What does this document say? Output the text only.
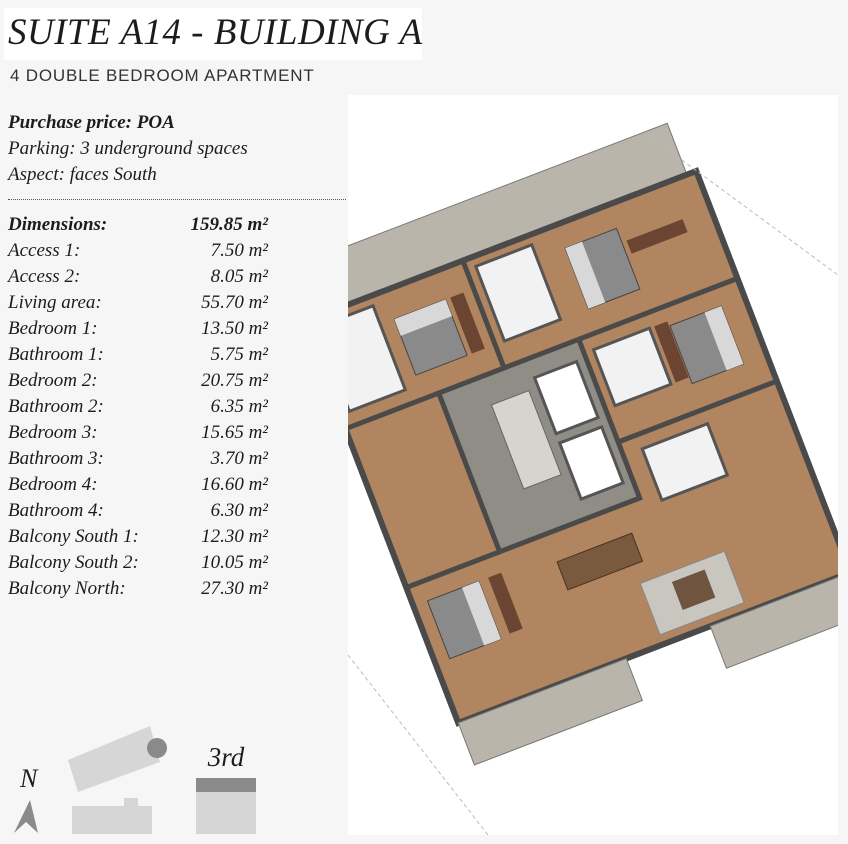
SUITE A14 - BUILDING A
4 DOUBLE BEDROOM APARTMENT
Purchase price: POA
Parking: 3 underground spaces
Aspect: faces South
Dimensions:	159.85 m²
Access 1:	7.50 m²
Access 2:	8.05 m²
Living area:	55.70 m²
Bedroom 1:	13.50 m²
Bathroom 1:	5.75 m²
Bedroom 2:	20.75 m²
Bathroom 2:	6.35 m²
Bedroom 3:	15.65 m²
Bathroom 3:	3.70 m²
Bedroom 4:	16.60 m²
Bathroom 4:	6.30 m²
Balcony South 1:	12.30 m²
Balcony South 2:	10.05 m²
Balcony North:	27.30 m²
N
3rd
